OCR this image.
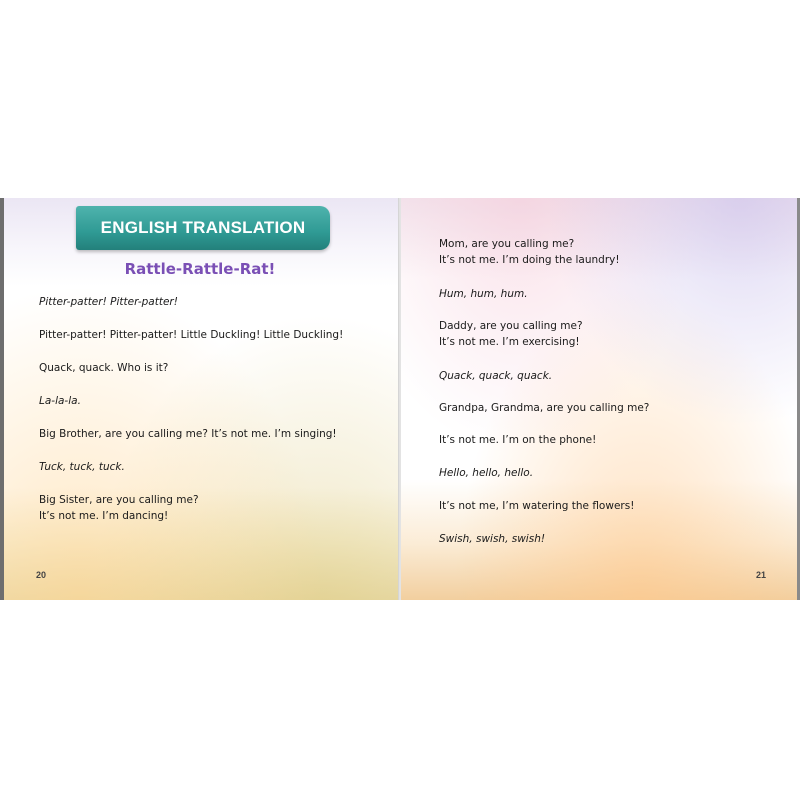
ENGLISH TRANSLATION
Rattle-Rattle-Rat!
Pitter-patter! Pitter-patter!
Pitter-patter! Pitter-patter! Little Duckling! Little Duckling!
Quack, quack. Who is it?
La-la-la.
Big Brother, are you calling me? It’s not me. I’m singing!
Tuck, tuck, tuck.
Big Sister, are you calling me?
It’s not me. I’m dancing!
20
Mom, are you calling me?
It’s not me. I’m doing the laundry!
Hum, hum, hum.
Daddy, are you calling me?
It’s not me. I’m exercising!
Quack, quack, quack.
Grandpa, Grandma, are you calling me?
It’s not me. I’m on the phone!
Hello, hello, hello.
It’s not me, I’m watering the flowers!
Swish, swish, swish!
21
